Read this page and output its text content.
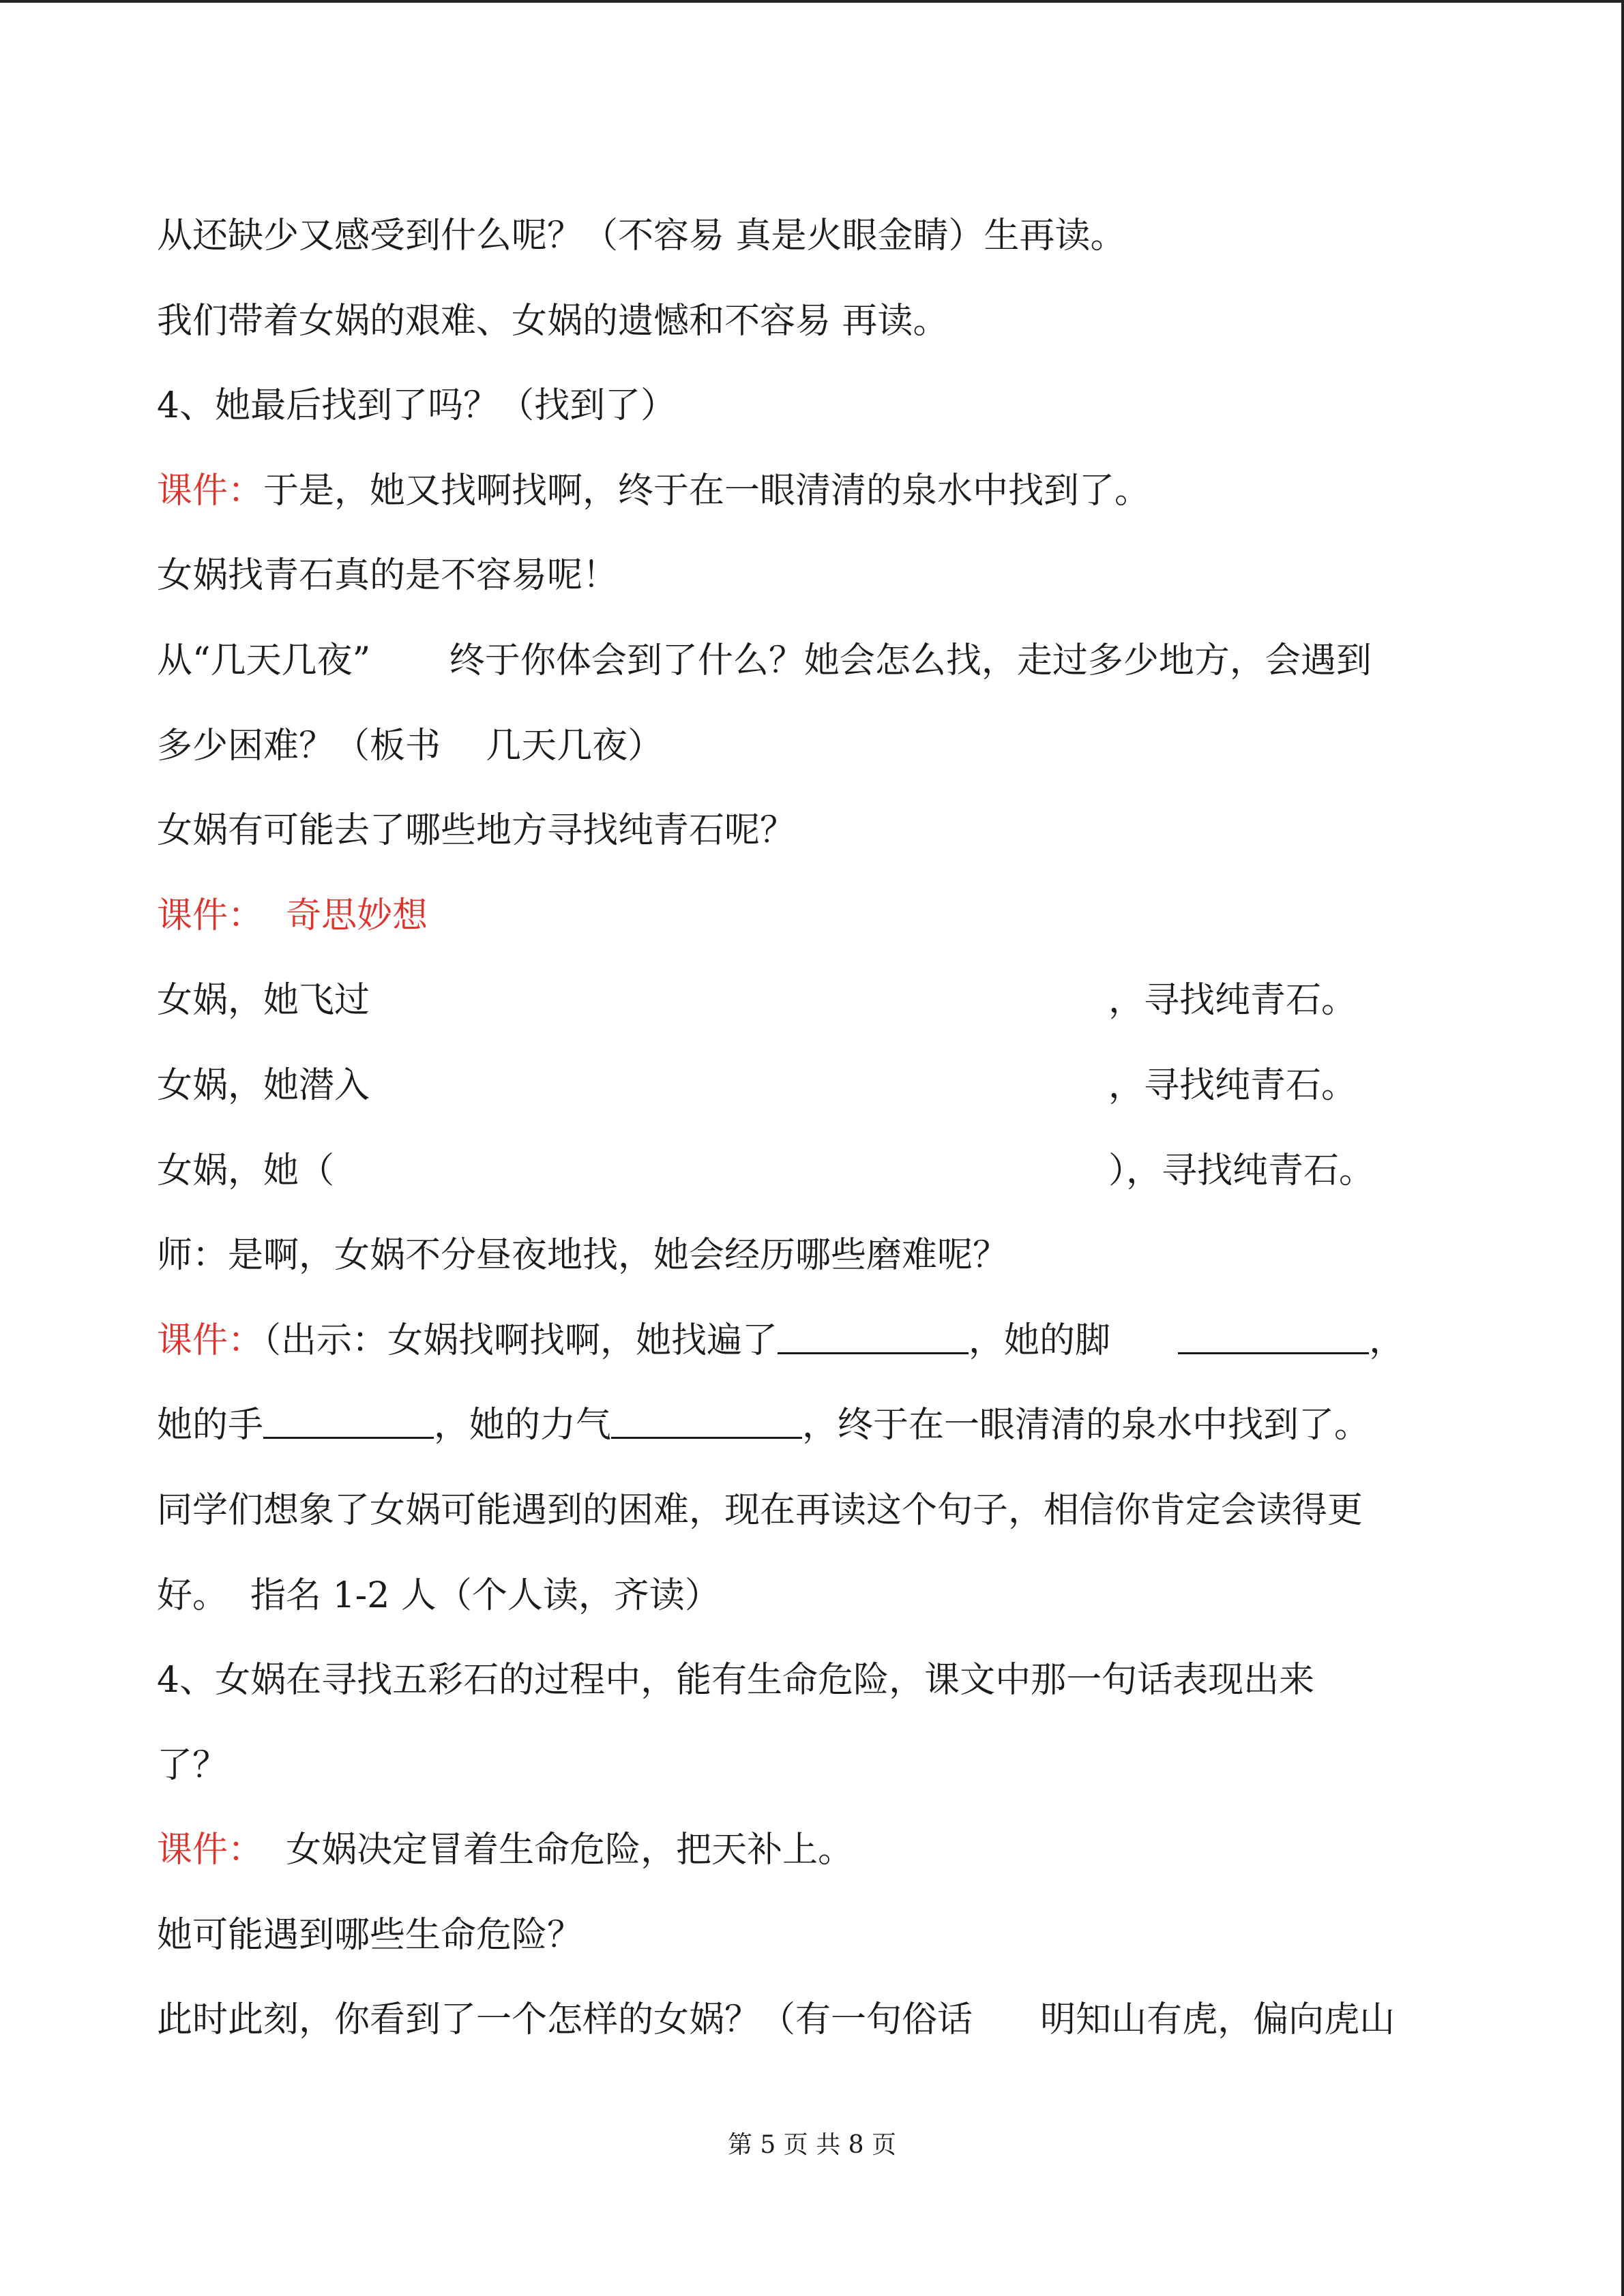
从还缺少又感受到什么呢？（不容易 真是火眼金睛）生再读。
我们带着女娲的艰难、女娲的遗憾和不容易 再读。
4、她最后找到了吗？（找到了）
课件：于是，她又找啊找啊，终于在一眼清清的泉水中找到了。
女娲找青石真的是不容易呢！
从“几天几夜”       终于你体会到了什么？她会怎么找，走过多少地方，会遇到
多少困难？（板书    几天几夜）
女娲有可能去了哪些地方寻找纯青石呢？
课件：  奇思妙想
女娲，她飞过	，寻找纯青石。
女娲，她潜入	，寻找纯青石。
女娲，她（	），寻找纯青石。
师：是啊，女娲不分昼夜地找，她会经历哪些磨难呢？
课件：（出示：女娲找啊找啊，她找遍了	，她的脚	，
她的手	，她的力气	，终于在一眼清清的泉水中找到了。
同学们想象了女娲可能遇到的困难，现在再读这个句子，相信你肯定会读得更
好。  指名 1-2 人（个人读，齐读）
4、女娲在寻找五彩石的过程中，能有生命危险，课文中那一句话表现出来
了？
课件：  女娲决定冒着生命危险，把天补上。
她可能遇到哪些生命危险？
此时此刻，你看到了一个怎样的女娲？（有一句俗话      明知山有虎，偏向虎山
第 5 页 共 8 页
